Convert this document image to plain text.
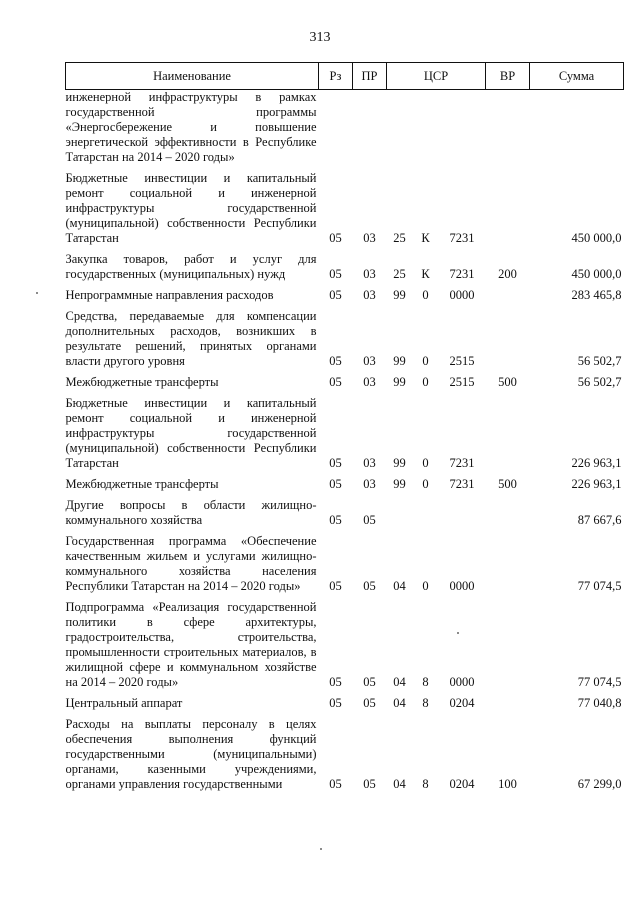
313
Наименование	Рз	ПР	ЦСР			ВР	Сумма
инженерной инфраструктуры в рамках государственной программы «Энергосбережение и повышение энергетической эффективности в Республике Татарстан на 2014 – 2020 годы»							
Бюджетные инвестиции и капитальный ремонт социальной и инженерной инфраструктуры государственной (муниципальной) собственности Республики Татарстан	05	03	25	К	7231		450 000,0
Закупка товаров, работ и услуг для государственных (муниципальных) нужд	05	03	25	К	7231	200	450 000,0
Непрограммные направления расходов	05	03	99	0	0000		283 465,8
Средства, передаваемые для компенсации дополнительных расходов, возникших в результате решений, принятых органами власти другого уровня	05	03	99	0	2515		56 502,7
Межбюджетные трансферты	05	03	99	0	2515	500	56 502,7
Бюджетные инвестиции и капитальный ремонт социальной и инженерной инфраструктуры государственной (муниципальной) собственности Республики Татарстан	05	03	99	0	7231		226 963,1
Межбюджетные трансферты	05	03	99	0	7231	500	226 963,1
Другие вопросы в области жилищно-коммунального хозяйства	05	05					87 667,6
Государственная программа «Обеспечение качественным жильем и услугами жилищно-коммунального хозяйства населения Республики Татарстан на 2014 – 2020 годы»	05	05	04	0	0000		77 074,5
Подпрограмма «Реализация государственной политики в сфере архитектуры, градостроительства, строительства, промышленности строительных материалов, в жилищной сфере и коммунальном хозяйстве на 2014 – 2020 годы»	05	05	04	8	0000		77 074,5
Центральный аппарат	05	05	04	8	0204		77 040,8
Расходы на выплаты персоналу в целях обеспечения выполнения функций государственными (муниципальными) органами, казенными учреждениями, органами управления государственными	05	05	04	8	0204	100	67 299,0
